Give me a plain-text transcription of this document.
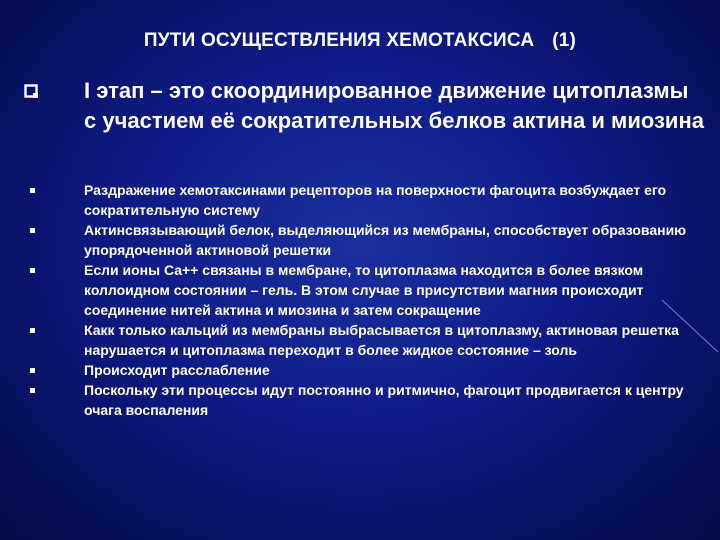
ПУТИ ОСУЩЕСТВЛЕНИЯ ХЕМОТАКСИСА (1)
I этап – это скоординированное движение цитоплазмы с участием её сократительных белков актина и миозина
Раздражение хемотаксинами рецепторов на поверхности фагоцита возбуждает его сократительную систему
Актинсвязывающий белок, выделяющийся из мембраны, способствует образованию упорядоченной актиновой решетки
Если ионы Са++ связаны в мембране, то цитоплазма находится в более вязком коллоидном состоянии – гель. В этом случае в присутствии магния происходит соединение нитей актина и миозина и затем сокращение
Какк только кальций из мембраны выбрасывается в цитоплазму, актиновая решетка нарушается и цитоплазма переходит в более жидкое состояние – золь
Происходит расслабление
Поскольку эти процессы идут постоянно и ритмично, фагоцит продвигается к центру очага воспаления
